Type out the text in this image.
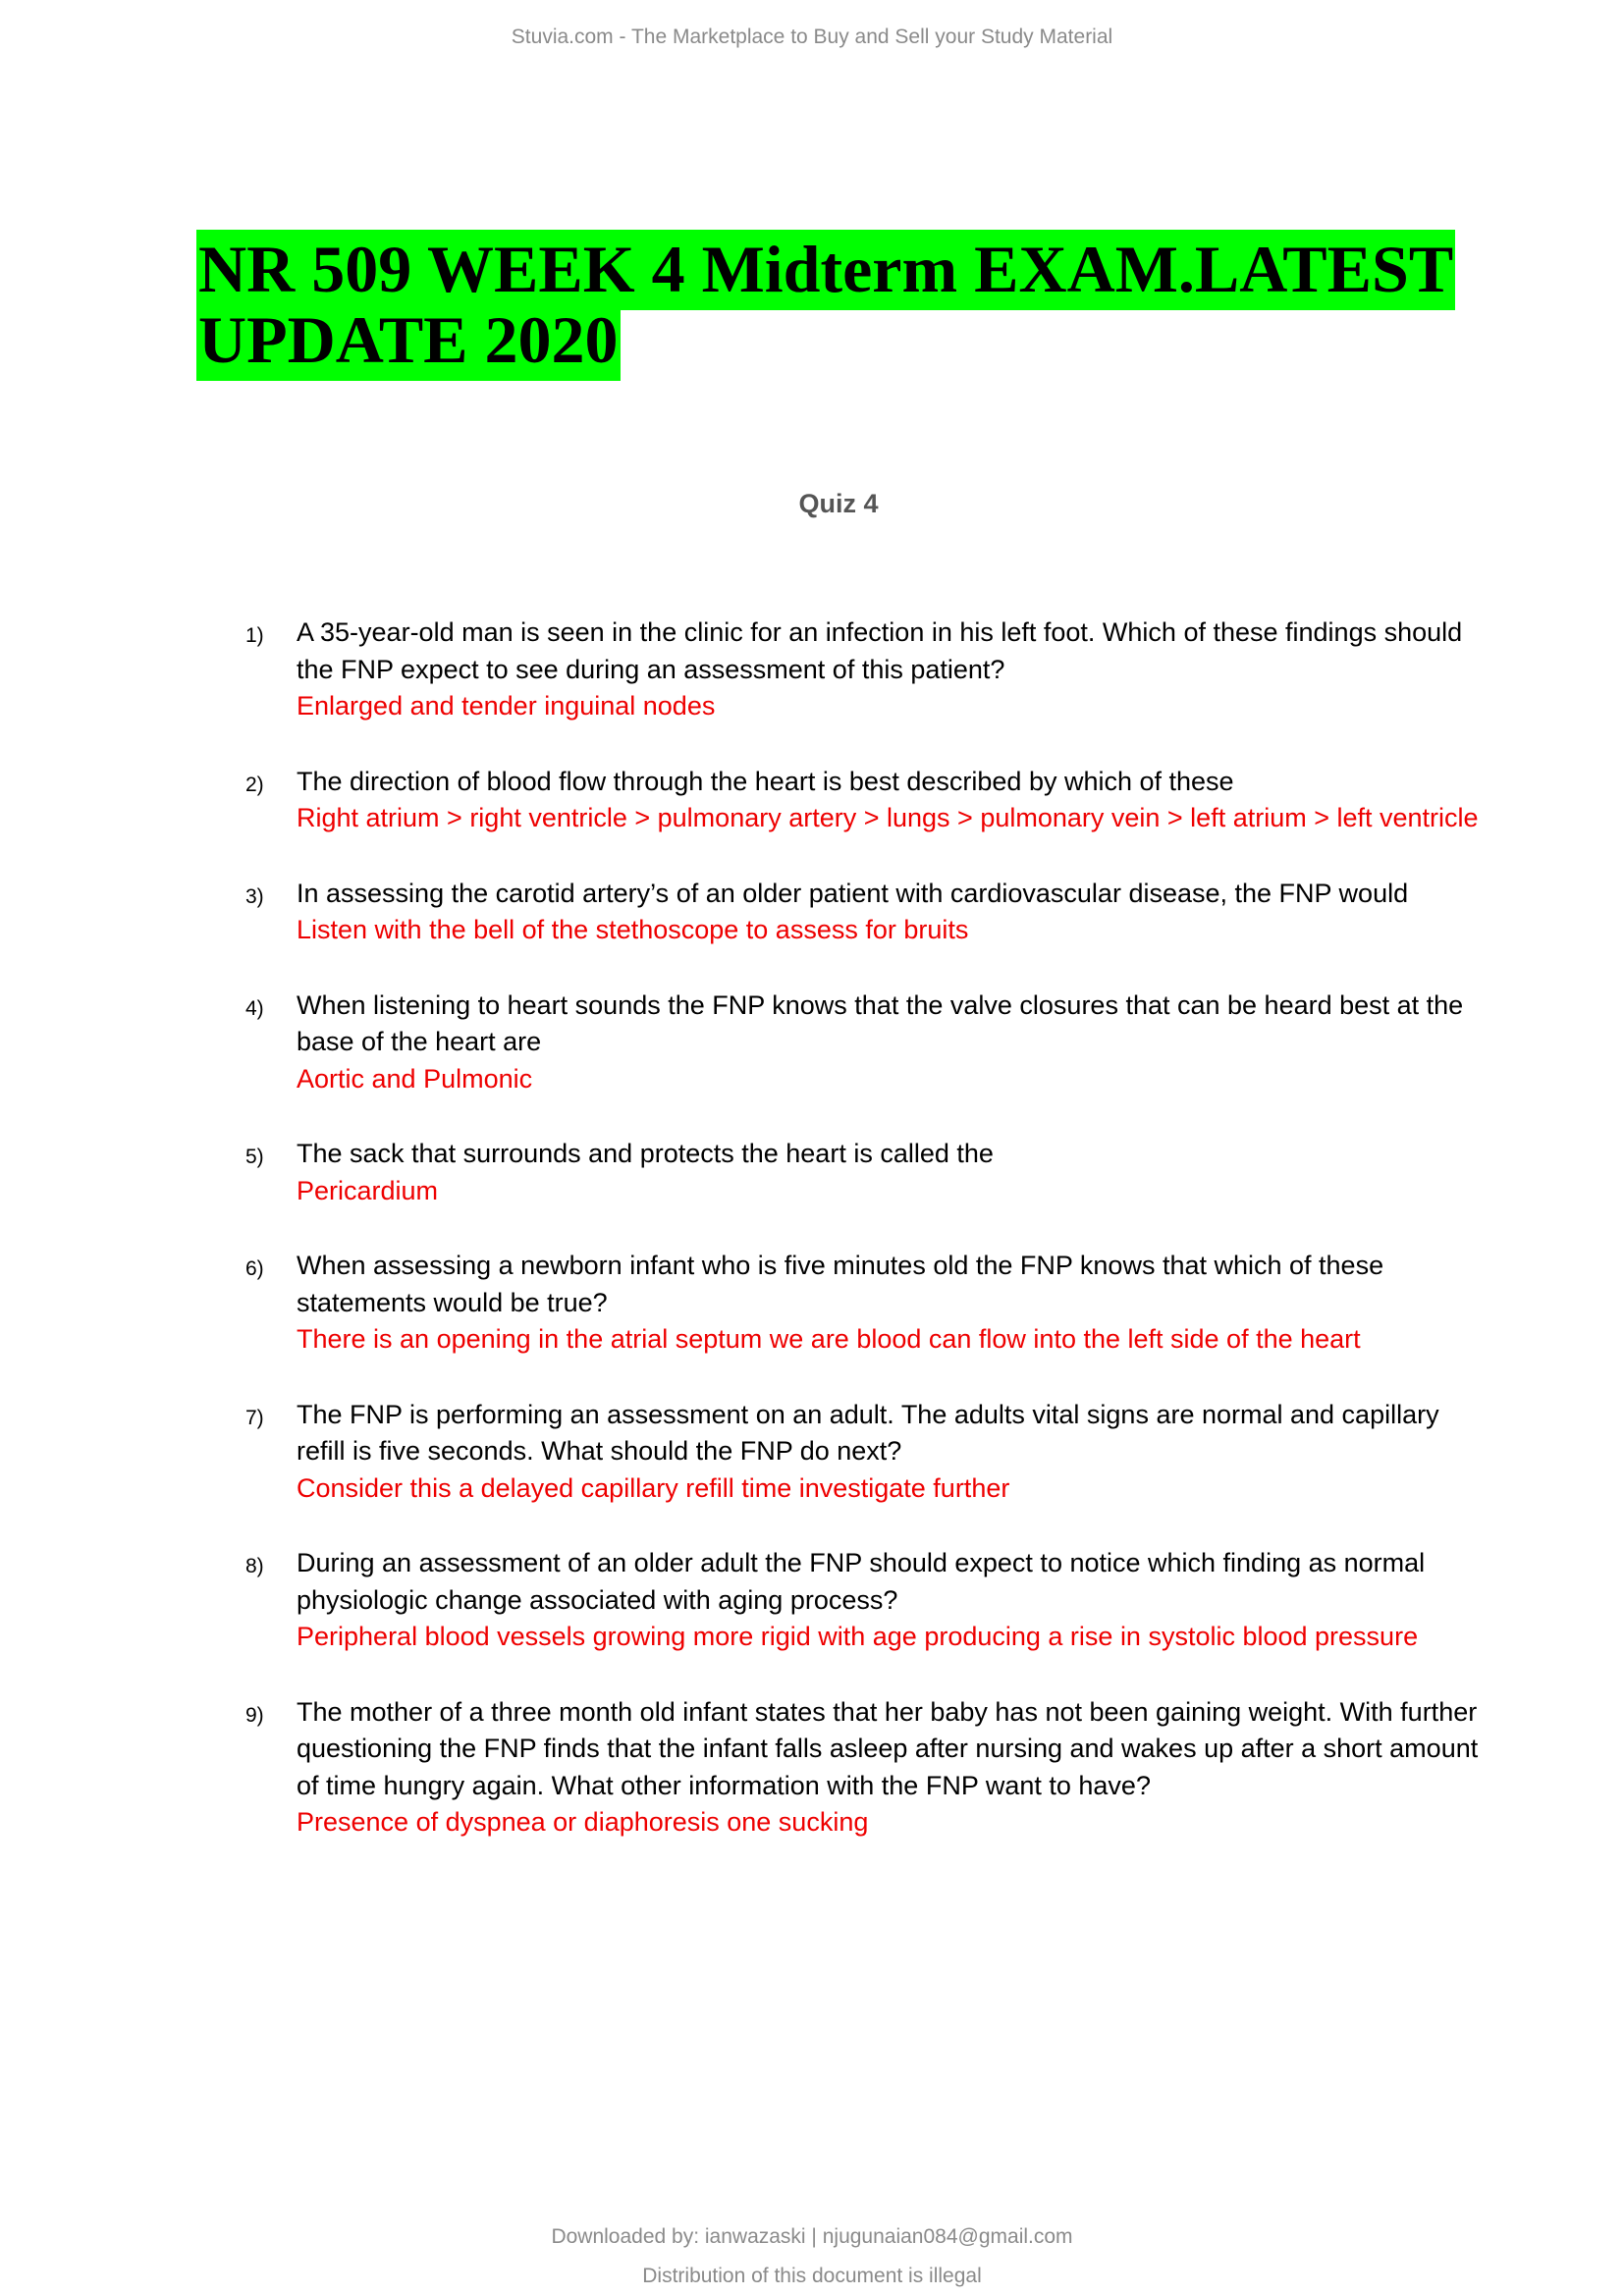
Stuvia.com - The Marketplace to Buy and Sell your Study Material
NR 509 WEEK 4 Midterm EXAM.LATEST UPDATE 2020
Quiz 4
1) A 35-year-old man is seen in the clinic for an infection in his left foot. Which of these findings should the FNP expect to see during an assessment of this patient?
Enlarged and tender inguinal nodes
2) The direction of blood flow through the heart is best described by which of these
Right atrium > right ventricle > pulmonary artery > lungs > pulmonary vein > left atrium > left ventricle
3) In assessing the carotid artery’s of an older patient with cardiovascular disease, the FNP would
Listen with the bell of the stethoscope to assess for bruits
4) When listening to heart sounds the FNP knows that the valve closures that can be heard best at the base of the heart are
Aortic and Pulmonic
5) The sack that surrounds and protects the heart is called the
Pericardium
6) When assessing a newborn infant who is five minutes old the FNP knows that which of these statements would be true?
There is an opening in the atrial septum we are blood can flow into the left side of the heart
7) The FNP is performing an assessment on an adult. The adults vital signs are normal and capillary refill is five seconds. What should the FNP do next?
Consider this a delayed capillary refill time investigate further
8) During an assessment of an older adult the FNP should expect to notice which finding as normal physiologic change associated with aging process?
Peripheral blood vessels growing more rigid with age producing a rise in systolic blood pressure
9) The mother of a three month old infant states that her baby has not been gaining weight. With further questioning the FNP finds that the infant falls asleep after nursing and wakes up after a short amount of time hungry again. What other information with the FNP want to have?
Presence of dyspnea or diaphoresis one sucking
Downloaded by: ianwazaski | njugunaian084@gmail.com
Distribution of this document is illegal
